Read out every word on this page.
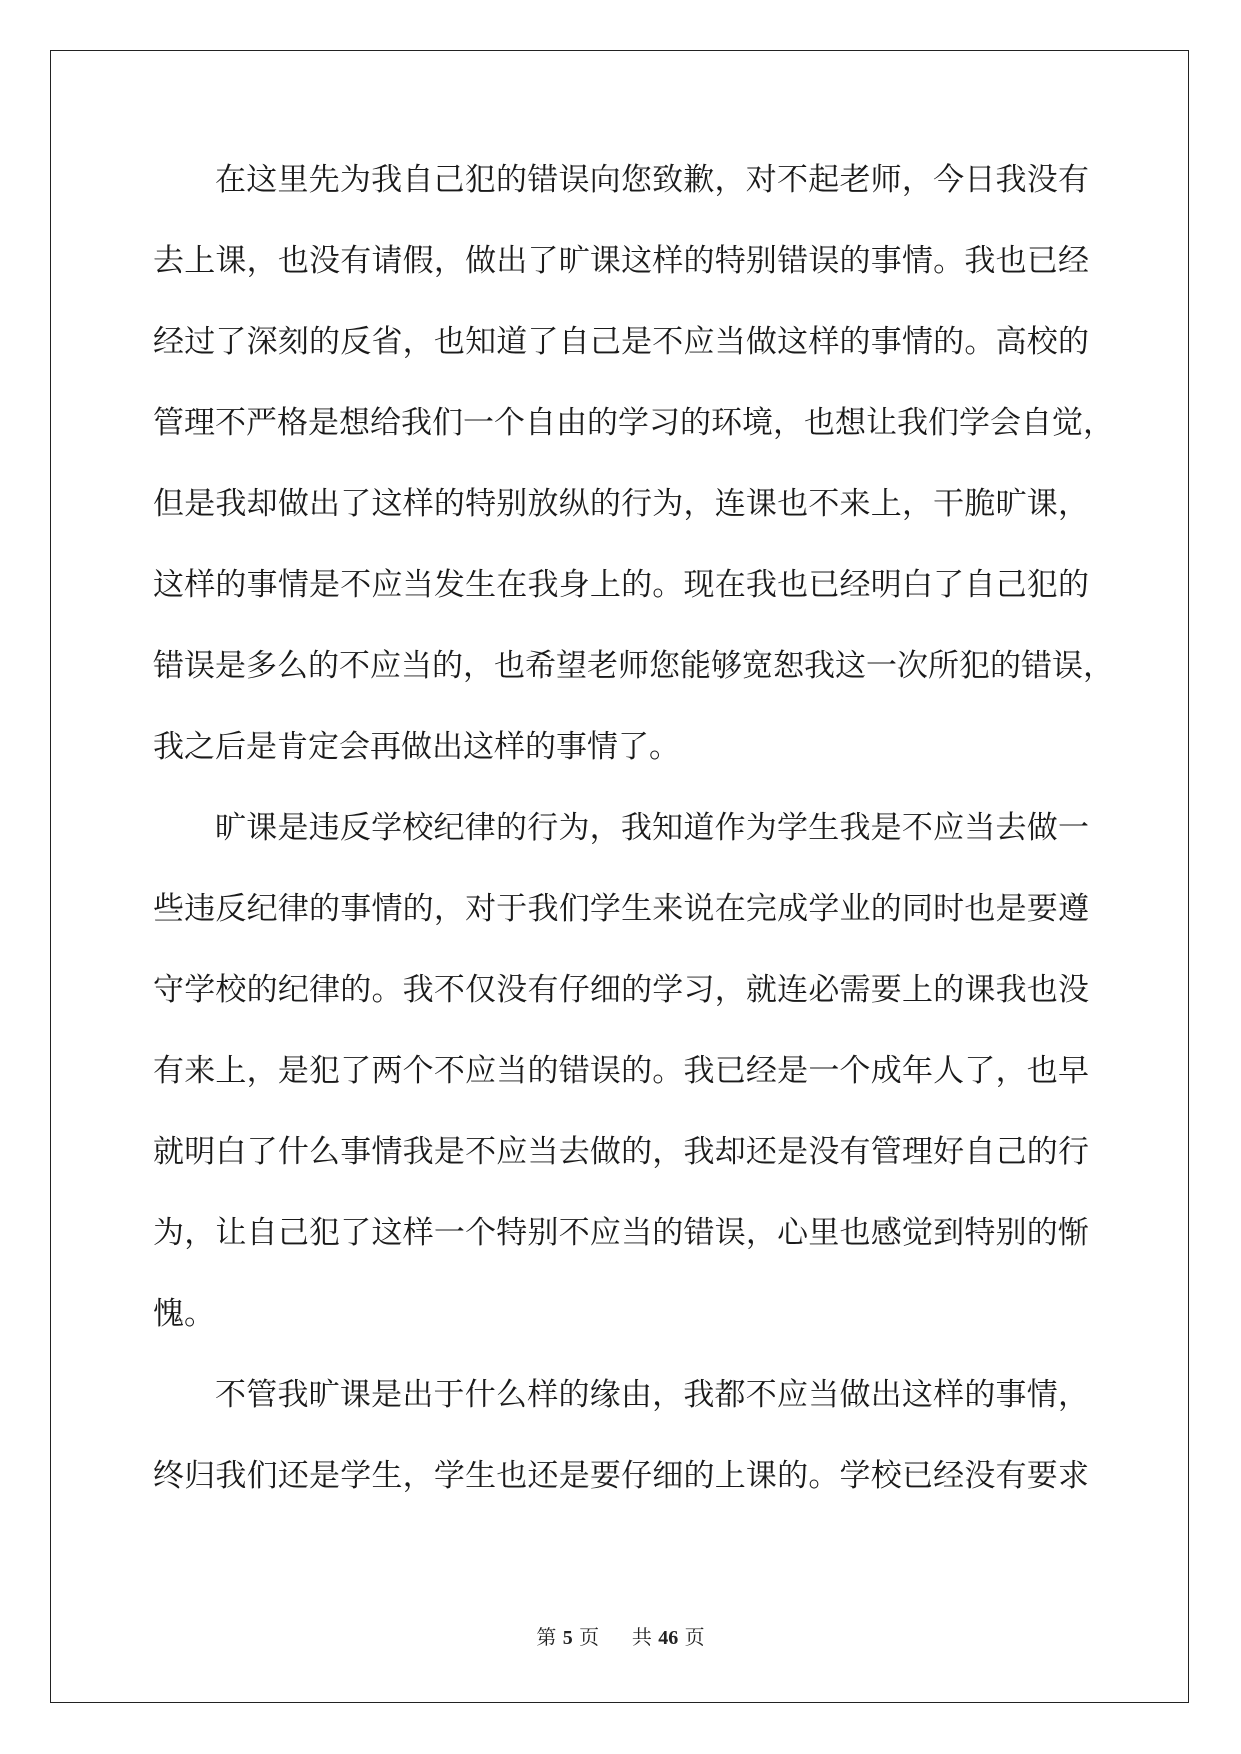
在这里先为我自己犯的错误向您致歉，对不起老师，今日我没有
去上课，也没有请假，做出了旷课这样的特别错误的事情。我也已经
经过了深刻的反省，也知道了自己是不应当做这样的事情的。高校的
管理不严格是想给我们一个自由的学习的环境，也想让我们学会自觉，
但是我却做出了这样的特别放纵的行为，连课也不来上，干脆旷课，
这样的事情是不应当发生在我身上的。现在我也已经明白了自己犯的
错误是多么的不应当的，也希望老师您能够宽恕我这一次所犯的错误，
我之后是肯定会再做出这样的事情了。
旷课是违反学校纪律的行为，我知道作为学生我是不应当去做一
些违反纪律的事情的，对于我们学生来说在完成学业的同时也是要遵
守学校的纪律的。我不仅没有仔细的学习，就连必需要上的课我也没
有来上，是犯了两个不应当的错误的。我已经是一个成年人了，也早
就明白了什么事情我是不应当去做的，我却还是没有管理好自己的行
为，让自己犯了这样一个特别不应当的错误，心里也感觉到特别的惭
愧。
不管我旷课是出于什么样的缘由，我都不应当做出这样的事情，
终归我们还是学生，学生也还是要仔细的上课的。学校已经没有要求
第 5 页 共 46 页
